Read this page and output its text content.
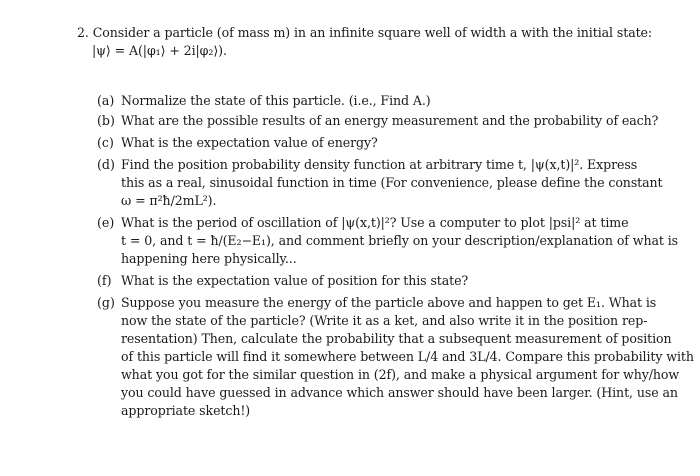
2. Consider a particle (of mass m) in an infinite square well of width a with the initial state:
|ψ⟩ = A(|φ₁⟩ + 2i|φ₂⟩).
(a) Normalize the state of this particle. (i.e., Find A.)
(b) What are the possible results of an energy measurement and the probability of each?
(c) What is the expectation value of energy?
(d) Find the position probability density function at arbitrary time t, |ψ(x,t)|². Express
this as a real, sinusoidal function in time (For convenience, please define the constant
ω = π²ħ/2mL²).
(e) What is the period of oscillation of |ψ(x,t)|²? Use a computer to plot |psi|² at time
t = 0, and t = ħ/(E₂−E₁), and comment briefly on your description/explanation of what is
happening here physically...
(f) What is the expectation value of position for this state?
(g) Suppose you measure the energy of the particle above and happen to get E₁. What is
now the state of the particle? (Write it as a ket, and also write it in the position rep-
resentation) Then, calculate the probability that a subsequent measurement of position
of this particle will find it somewhere between L/4 and 3L/4. Compare this probability with
what you got for the similar question in (2f), and make a physical argument for why/how
you could have guessed in advance which answer should have been larger. (Hint, use an
appropriate sketch!)
